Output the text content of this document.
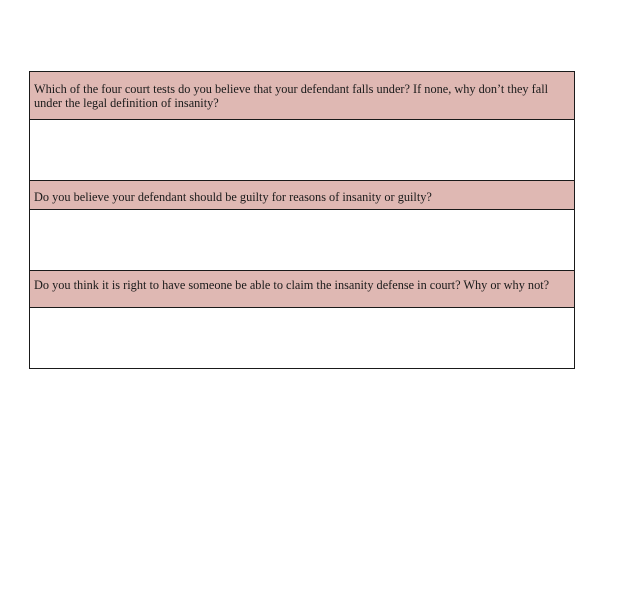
Which of the four court tests do you believe that your defendant falls under? If none, why don’t they fall under the legal definition of insanity?

Do you believe your defendant should be guilty for reasons of insanity or guilty?

Do you think it is right to have someone be able to claim the insanity defense in court? Why or why not?
